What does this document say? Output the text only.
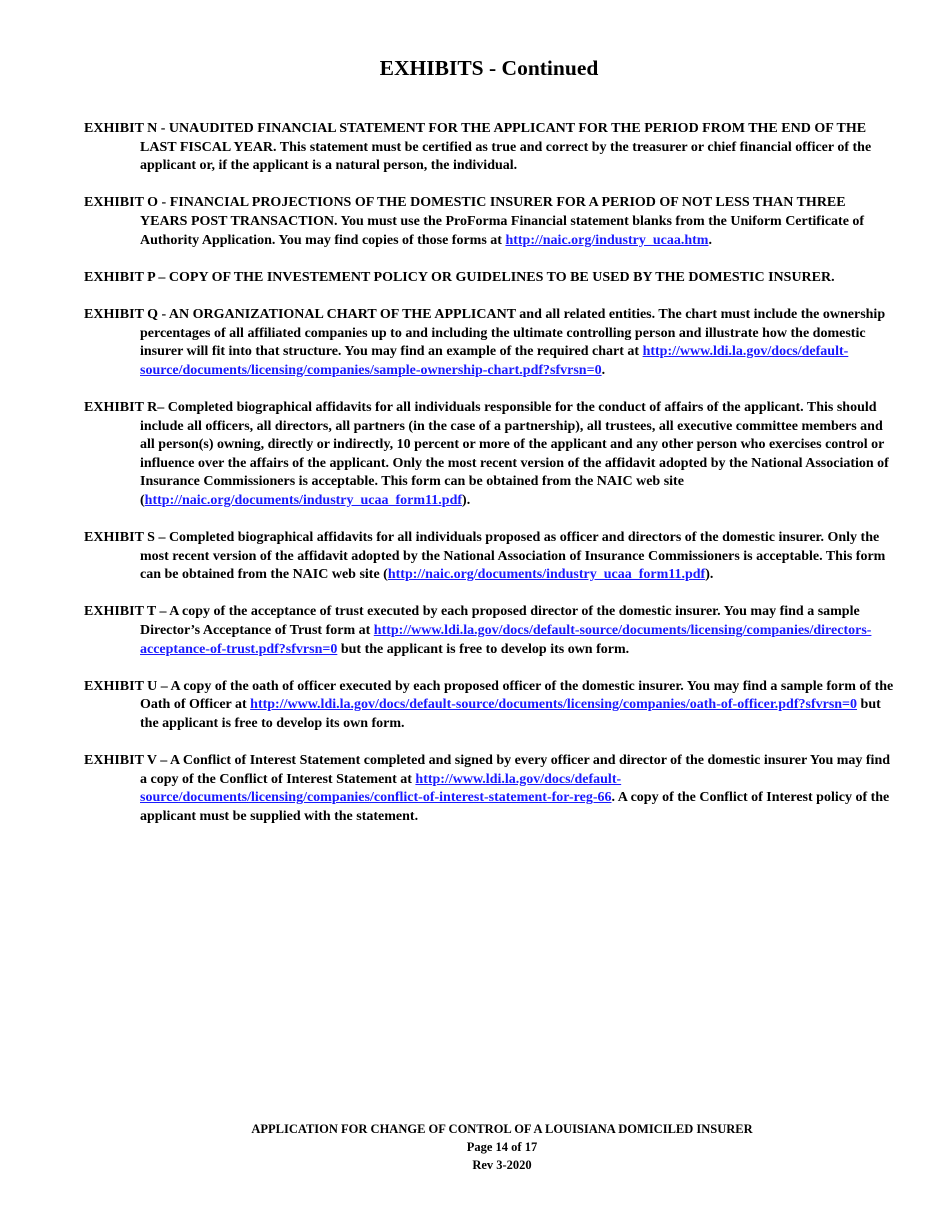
EXHIBITS - Continued

EXHIBIT N - UNAUDITED FINANCIAL STATEMENT FOR THE APPLICANT FOR THE PERIOD FROM THE END OF THE LAST FISCAL YEAR. This statement must be certified as true and correct by the treasurer or chief financial officer of the applicant or, if the applicant is a natural person, the individual.

EXHIBIT O - FINANCIAL PROJECTIONS OF THE DOMESTIC INSURER FOR A PERIOD OF NOT LESS THAN THREE YEARS POST TRANSACTION. You must use the ProForma Financial statement blanks from the Uniform Certificate of Authority Application. You may find copies of those forms at http://naic.org/industry_ucaa.htm.

EXHIBIT P – COPY OF THE INVESTEMENT POLICY OR GUIDELINES TO BE USED BY THE DOMESTIC INSURER.

EXHIBIT Q - AN ORGANIZATIONAL CHART OF THE APPLICANT and all related entities. The chart must include the ownership percentages of all affiliated companies up to and including the ultimate controlling person and illustrate how the domestic insurer will fit into that structure. You may find an example of the required chart at http://www.ldi.la.gov/docs/default-source/documents/licensing/companies/sample-ownership-chart.pdf?sfvrsn=0.

EXHIBIT R– Completed biographical affidavits for all individuals responsible for the conduct of affairs of the applicant. This should include all officers, all directors, all partners (in the case of a partnership), all trustees, all executive committee members and all person(s) owning, directly or indirectly, 10 percent or more of the applicant and any other person who exercises control or influence over the affairs of the applicant. Only the most recent version of the affidavit adopted by the National Association of Insurance Commissioners is acceptable. This form can be obtained from the NAIC web site (http://naic.org/documents/industry_ucaa_form11.pdf).

EXHIBIT S – Completed biographical affidavits for all individuals proposed as officer and directors of the domestic insurer. Only the most recent version of the affidavit adopted by the National Association of Insurance Commissioners is acceptable. This form can be obtained from the NAIC web site (http://naic.org/documents/industry_ucaa_form11.pdf).

EXHIBIT T – A copy of the acceptance of trust executed by each proposed director of the domestic insurer. You may find a sample Director’s Acceptance of Trust form at http://www.ldi.la.gov/docs/default-source/documents/licensing/companies/directors-acceptance-of-trust.pdf?sfvrsn=0 but the applicant is free to develop its own form.

EXHIBIT U – A copy of the oath of officer executed by each proposed officer of the domestic insurer. You may find a sample form of the Oath of Officer at http://www.ldi.la.gov/docs/default-source/documents/licensing/companies/oath-of-officer.pdf?sfvrsn=0 but the applicant is free to develop its own form.

EXHIBIT V – A Conflict of Interest Statement completed and signed by every officer and director of the domestic insurer You may find a copy of the Conflict of Interest Statement at http://www.ldi.la.gov/docs/default-source/documents/licensing/companies/conflict-of-interest-statement-for-reg-66. A copy of the Conflict of Interest policy of the applicant must be supplied with the statement.

APPLICATION FOR CHANGE OF CONTROL OF A LOUISIANA DOMICILED INSURER
Page 14 of 17
Rev 3-2020
